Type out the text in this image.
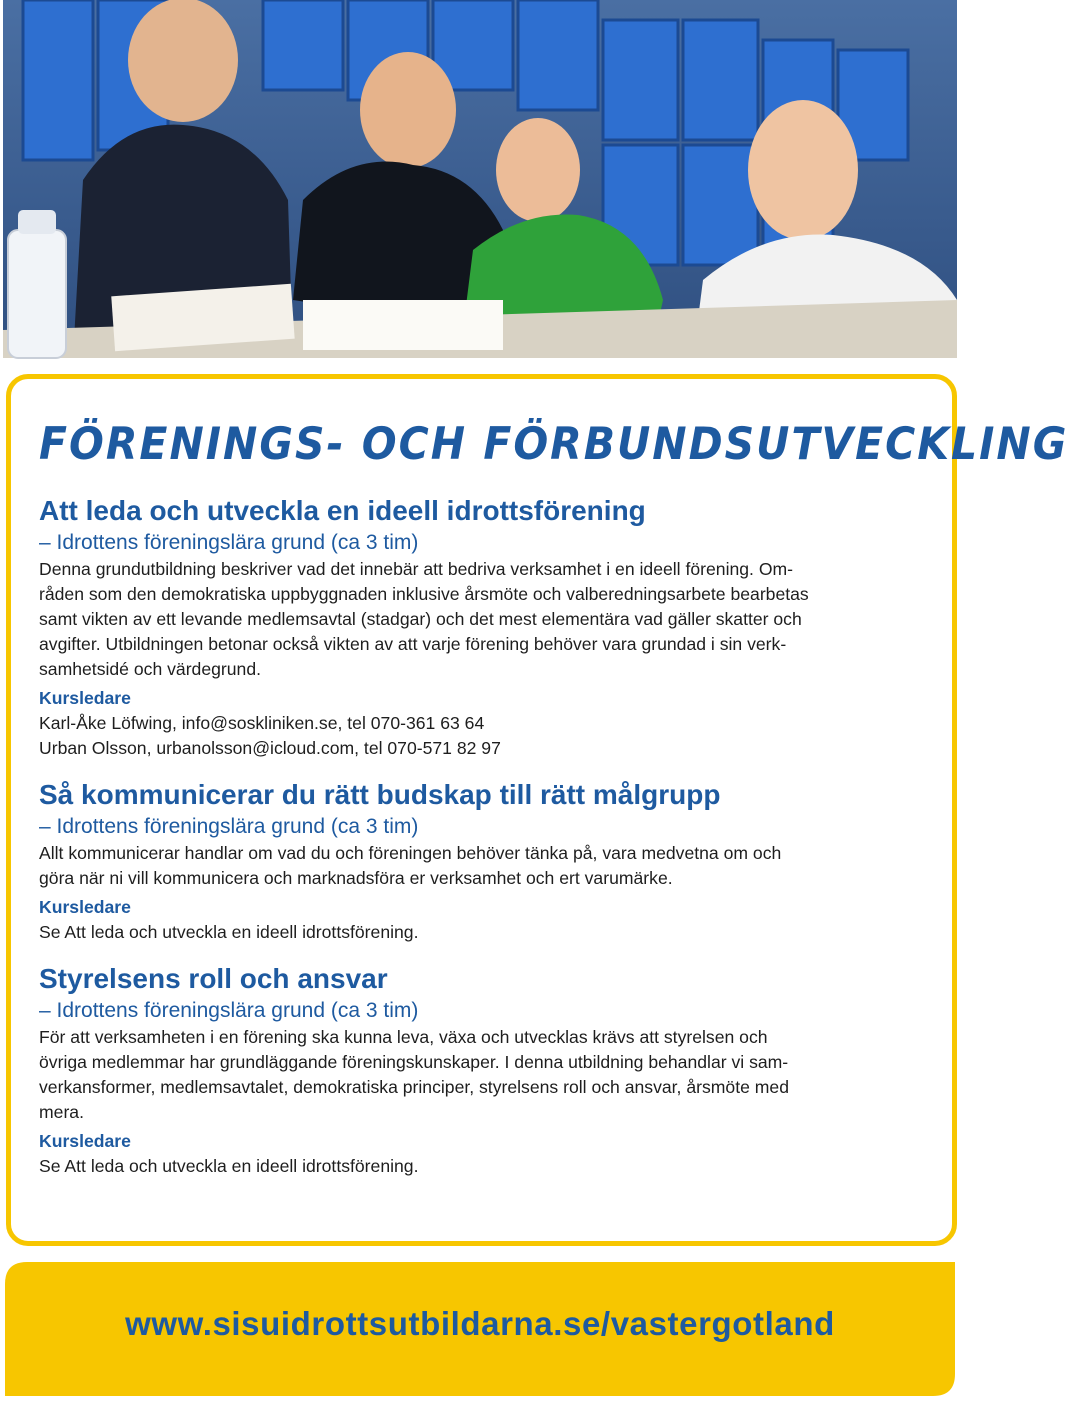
FÖRENINGS- OCH FÖRBUNDSUTVECKLING
Att leda och utveckla en ideell idrottsförening

– Idrottens föreningslära grund (ca 3 tim)

Denna grundutbildning beskriver vad det innebär att bedriva verksamhet i en ideell förening. Om-

råden som den demokratiska uppbyggnaden inklusive årsmöte och valberedningsarbete bearbetas

samt vikten av ett levande medlemsavtal (stadgar) och det mest elementära vad gäller skatter och

avgifter. Utbildningen betonar också vikten av att varje förening behöver vara grundad i sin verk-

samhetsidé och värdegrund.

Kursledare

Karl-Åke Löfwing, info@soskliniken.se, tel 070-361 63 64

Urban Olsson, urbanolsson@icloud.com, tel 070-571 82 97

Så kommunicerar du rätt budskap till rätt målgrupp

– Idrottens föreningslära grund (ca 3 tim)

Allt kommunicerar handlar om vad du och föreningen behöver tänka på, vara medvetna om och

göra när ni vill kommunicera och marknadsföra er verksamhet och ert varumärke.

Kursledare

Se Att leda och utveckla en ideell idrottsförening.

Styrelsens roll och ansvar

– Idrottens föreningslära grund (ca 3 tim)

För att verksamheten i en förening ska kunna leva, växa och utvecklas krävs att styrelsen och

övriga medlemmar har grundläggande föreningskunskaper. I denna utbildning behandlar vi sam-

verkansformer, medlemsavtalet, demokratiska principer, styrelsens roll och ansvar, årsmöte med

mera.

Kursledare

Se Att leda och utveckla en ideell idrottsförening.

www.sisuidrottsutbildarna.se/vastergotland
